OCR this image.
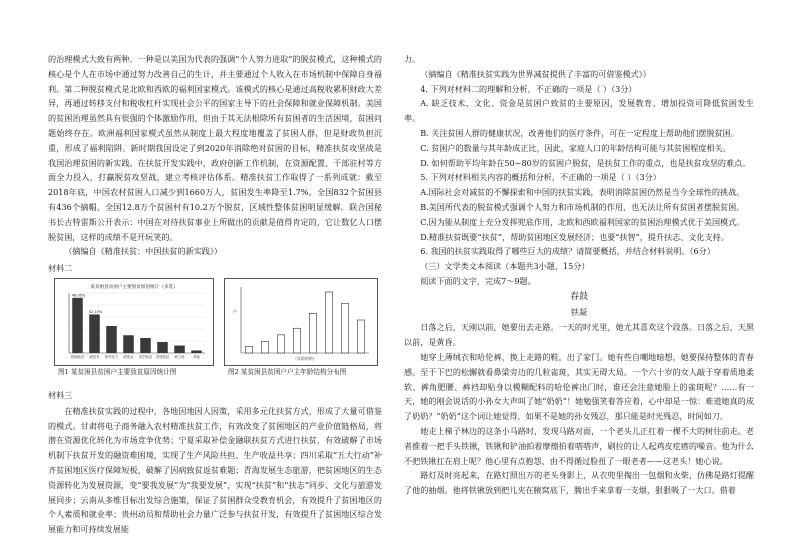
的治理模式大致有两种。一种是以美国为代表的强调“个人努力进取”的脱贫模式，这种模式的核心是个人在市场中通过努力改善自己的生计，并主要通过个人收入在市场机制中保障自身福利。第二种脱贫模式是北欧和西欧的福利国家模式。该模式的核心是通过高税收累积财政大差异，再通过转移支付和税收杠杆实现社会公平的国家主导下的社会保障和就业保障机制。美国的贫困治理虽然具有很强的个体激励作用，但由于其无法根除所有贫困者的生活困境，贫困问题始终存在。欧洲福利国家模式虽然从制度上最大程度地覆盖了贫困人群，但是财政负担沉重，形成了福利陷阱。新时期我国设定了到2020年消除绝对贫困的目标，精准扶贫攻坚战是我国治理贫困的新实践。在扶贫开发实践中，政府创新工作机制，在资源配置、干部驻村等方面全力投入，打赢脱贫攻坚战，建立考核评估体系。精准扶贫工作取得了一系列成就：截至2018年底，中国农村贫困人口减少到1660万人，贫困发生率降至1.7%。全国832个贫困县有436个摘帽，全国12.8万个贫困村有10.2万个脱贫，区域性整体贫困明显缓解。联合国秘书长古特雷斯公开表示：中国在对待扶贫事业上所做出的贡献是值得肯定的，它让数亿人口摆脱贫困，这样的成绩不是开玩笑的。

（摘编自《精准扶贫：中国扶贫的新实践》）

材料二

某贫困县贫困户主要致贫原因统计（多选）
46.00%
因病致贫
32.15%
缺技术 缺劳动力 缺资金 因学致贫 因残致贫 缺土地	其他
户
（年龄结构）
图1 某贫困县贫困户主要致贫原因统计图	图2 某贫困县贫困户户主年龄结构分布图

材料三

在精准扶贫实践的过程中，各地因地因人因策，采用多元化扶贫方式，形成了大量可借鉴的模式。甘肃将电子商务融入农村精准扶贫工作，有效改变了贫困地区的产业价值链格局，将潜在资源优化转化为市场竞争优势；宁夏采取补偿金融联扶贫方式进行扶贫，有效破解了市场机制下扶贫开发的融资难困境，实现了生产风险共担、生产收益共享；四川采取“五大行动”补齐贫困地区医疗保障短板，破解了因病致贫返贫难题；青海发展生态旅游，把贫困地区的生态资源转化为发展资源，变“要我发展”为“我要发展”，实现“扶贫”和“扶志”同步、文化与旅游发展同步；云南从多维目标出发综合施策，保证了贫困群众受教育机会，有效提升了贫困地区的个人素质和就业率；贵州动员和帮助社会力量广泛参与扶贫开发，有效提升了贫困地区综合发展能力和可持续发展能

力。

（摘编自《精准扶贫实践为世界减贫提供了丰富的可借鉴模式》）

4. 下列对材料二的理解和分析，不正确的一项是（ ）（3分）

A. 缺乏技术、文化、资金是贫困户致贫的主要原因，发展教育、增加投资可降低贫困发生率。

B. 关注贫困人群的健康状况，改善他们的医疗条件，可在一定程度上帮助他们摆脱贫困。

C. 贫困户的数量与其年龄成正比，因此，家庭人口的年龄结构可能与其贫困程度相关。

D. 如何帮助平均年龄在50~80岁的贫困户脱贫，是扶贫工作的重点，也是扶贫攻坚的难点。

5. 下列对材料相关内容的概括和分析，不正确的一项是（ ）（3分）

A.国际社会对减贫的不懈探索和中国的扶贫实践，表明消除贫困仍然是当今全球性的挑战。

B.美国所代表的脱贫模式强调个人努力和市场机制的作用，也无法让所有贫困者摆脱贫困。

C.因为能从制度上充分发挥兜底作用，北欧和西欧福利国家的贫困治理模式优于美国模式。

D.精准扶贫既要“扶贫”，帮助贫困地区发展经济；也要“扶智”，提升扶志、文化支持。

6. 我国的扶贫实践取得了哪些巨大的成绩？请简要概括，并结合材料说明。（6分）

（三）文学类文本阅读（本题共3小题，15分）

阅读下面的文字，完成7～9题。

春鼓

铁凝

日落之后，天刚以前，她要出去走路。一天的时光里，她尤其喜欢这个段落。日落之后，天黑以前，是黄昏。

她穿上薄绒衣和哈伦裤，换上走路的鞋，出了家门。她有些自嘲地暗想，她要保持整体的青春感。至于下巴的松懈就看鼻梁旁边的几粒雀斑，其实无碍大局。一个六十岁的女人敲于穿着质地柔软、裤角肥腰、裤裆却贴身以模糊配料的哈伦裤出门时，谁还会注意她脸上的雀斑呢？……有一天，她的刚会说话的小孙女大声叫了她“奶奶”！她勉强笑着答应着，心中却是一惊：难道她真的成了奶奶？“奶奶”这个词让她觉得，如果不是她的孙女残忍，那只能是时光残忍，时间如刀。

她走上梯子林边的这条小马路时，发现马路对面，一个老头儿正扛着一棵不大的树往前走。老者推着一把手头铁锹，铁锹和铲油拍着摩擦拍着嗒嗒声，刷拉的让人起鸡皮疙瘩的噪音。他为什么不把铁锹扛在肩上呢？他心里有点抱怨，由不得循过脸扭了一眼老者——这老头！她心说。

路灯及时亮起来，在路灯照出万的老头身影上，从衣兜里掏出一包烟和火柴，仿佛是路灯提醒了他的抽烟。他将铁锹放到把儿夹在腋窝底下，腾出手来拿着一支烟，狠狠吸了一大口。借着
